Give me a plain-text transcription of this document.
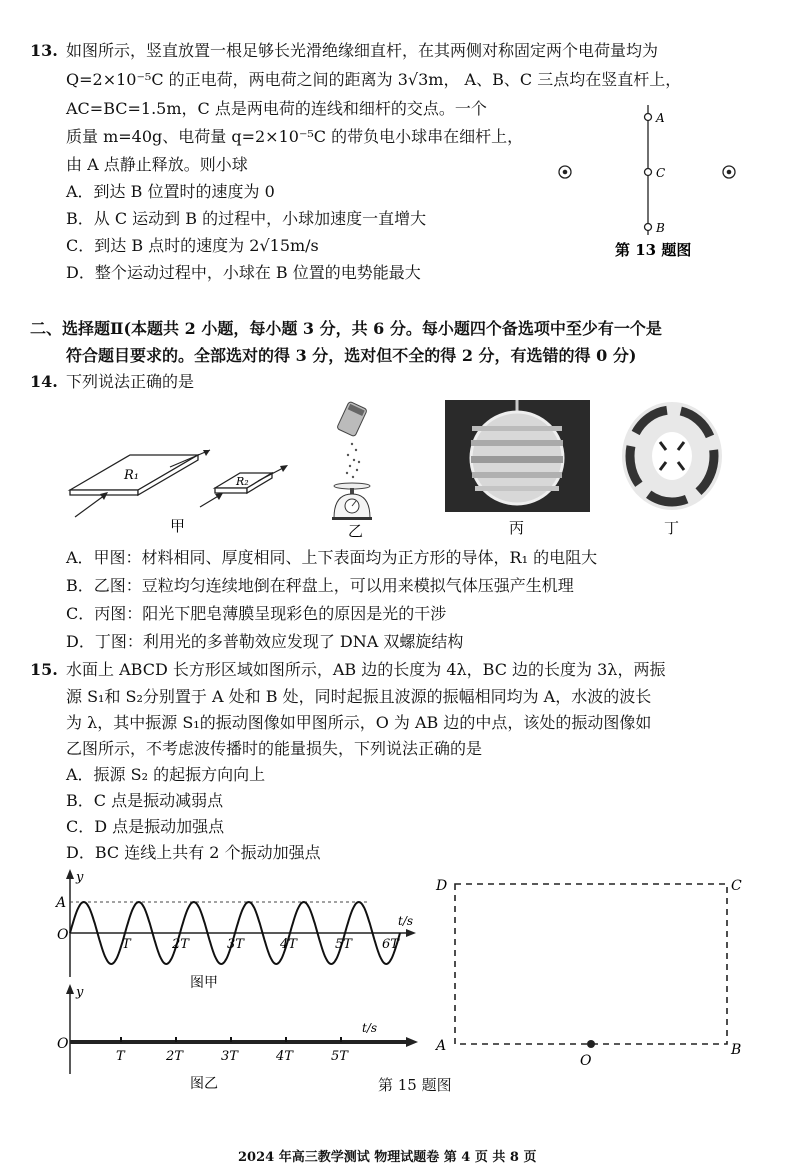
13. 如图所示，竖直放置一根足够长光滑绝缘细直杆，在其两侧对称固定两个电荷量均为
Q=2×10⁻⁵C 的正电荷，两电荷之间的距离为 3√3m， A、B、C 三点均在竖直杆上，
AC=BC=1.5m，C 点是两电荷的连线和细杆的交点。一个
质量 m=40g、电荷量 q=2×10⁻⁵C 的带负电小球串在细杆上，
由 A 点静止释放。则小球
A．到达 B 位置时的速度为 0
B．从 C 运动到 B 的过程中，小球加速度一直增大
C．到达 B 点时的速度为 2√15m/s
D．整个运动过程中，小球在 B 位置的电势能最大
A
C
B
第 13 题图
二、选择题Ⅱ(本题共 2 小题，每小题 3 分，共 6 分。每小题四个备选项中至少有一个是
符合题目要求的。全部选对的得 3 分，选对但不全的得 2 分，有选错的得 0 分)
14. 下列说法正确的是
R₁	R₂
甲	乙	丙	丁
A．甲图：材料相同、厚度相同、上下表面均为正方形的导体，R₁ 的电阻大
B．乙图：豆粒均匀连续地倒在秤盘上，可以用来模拟气体压强产生机理
C．丙图：阳光下肥皂薄膜呈现彩色的原因是光的干涉
D．丁图：利用光的多普勒效应发现了 DNA 双螺旋结构
15. 水面上 ABCD 长方形区域如图所示，AB 边的长度为 4λ，BC 边的长度为 3λ，两振
源 S₁和 S₂分别置于 A 处和 B 处，同时起振且波源的振幅相同均为 A，水波的波长
为 λ，其中振源 S₁的振动图像如甲图所示，O 为 AB 边的中点，该处的振动图像如
乙图所示，不考虑波传播时的能量损失，下列说法正确的是
A．振源 S₂ 的起振方向向上
B．C 点是振动减弱点
C．D 点是振动加强点
D．BC 连线上共有 2 个振动加强点
y
A
O
t/s
T	2T	3T	4T	5T 6T
图甲
y
O
t/s
T	2T	3T	4T	5T
图乙
D	C
A	B
O
第 15 题图
2024 年高三教学测试 物理试题卷 第 4 页 共 8 页
